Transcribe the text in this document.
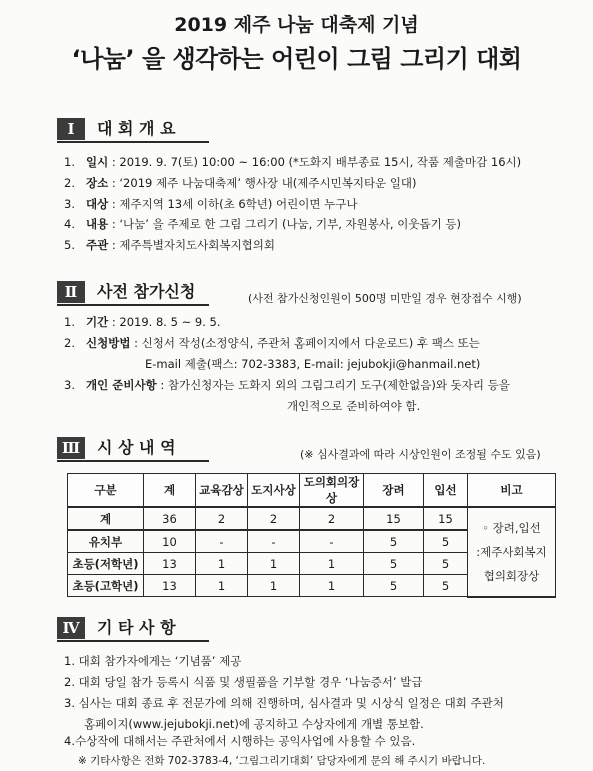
2019 제주 나눔 대축제 기념
‘나눔’ 을 생각하는 어린이 그림 그리기 대회
Ⅰ	대 회 개 요
1. 일시 : 2019. 9. 7(토) 10:00 ~ 16:00 (*도화지 배부종료 15시, 작품 제출마감 16시)
2. 장소 : ‘2019 제주 나눔대축제’ 행사장 내(제주시민복지타운 일대)
3. 대상 : 제주지역 13세 이하(초 6학년) 어린이면 누구나
4. 내용 : ‘나눔’ 을 주제로 한 그림 그리기 (나눔, 기부, 자원봉사, 이웃돕기 등)
5. 주관 : 제주특별자치도사회복지협의회
Ⅱ	사전 참가신청	(사전 참가신청인원이 500명 미만일 경우 현장접수 시행)
1. 기간 : 2019. 8. 5 ~ 9. 5.
2. 신청방법 : 신청서 작성(소정양식, 주관처 홈페이지에서 다운로드) 후 팩스 또는
E-mail 제출(팩스: 702-3383, E-mail: jejubokji@hanmail.net)
3. 개인 준비사항 : 참가신청자는 도화지 외의 그림그리기 도구(제한없음)와 돗자리 등을
개인적으로 준비하여야 함.
Ⅲ	시 상 내 역	(※ 심사결과에 따라 시상인원이 조정될 수도 있음)
구분	계	교육감상	도지사상	도의회의장상	장려	입선	비고
계	36	2	2	2	15	15	◦ 장려,입선
:제주사회복지
협의회장상

유치부	10	-	-	-	5	5	
초등(저학년)	13	1	1	1	5	5	
초등(고학년)	13	1	1	1	5	5	
Ⅳ	기 타 사 항
1. 대회 참가자에게는 ‘기념품’ 제공
2. 대회 당일 참가 등록시 식품 및 생필품을 기부할 경우 ‘나눔증서’ 발급
3. 심사는 대회 종료 후 전문가에 의해 진행하며, 심사결과 및 시상식 일정은 대회 주관처
홈페이지(www.jejubokji.net)에 공지하고 수상자에게 개별 통보함.
4.수상작에 대해서는 주관처에서 시행하는 공익사업에 사용할 수 있음.
※ 기타사항은 전화 702-3783-4, ‘그림그리기대회’ 담당자에게 문의 해 주시기 바랍니다.
